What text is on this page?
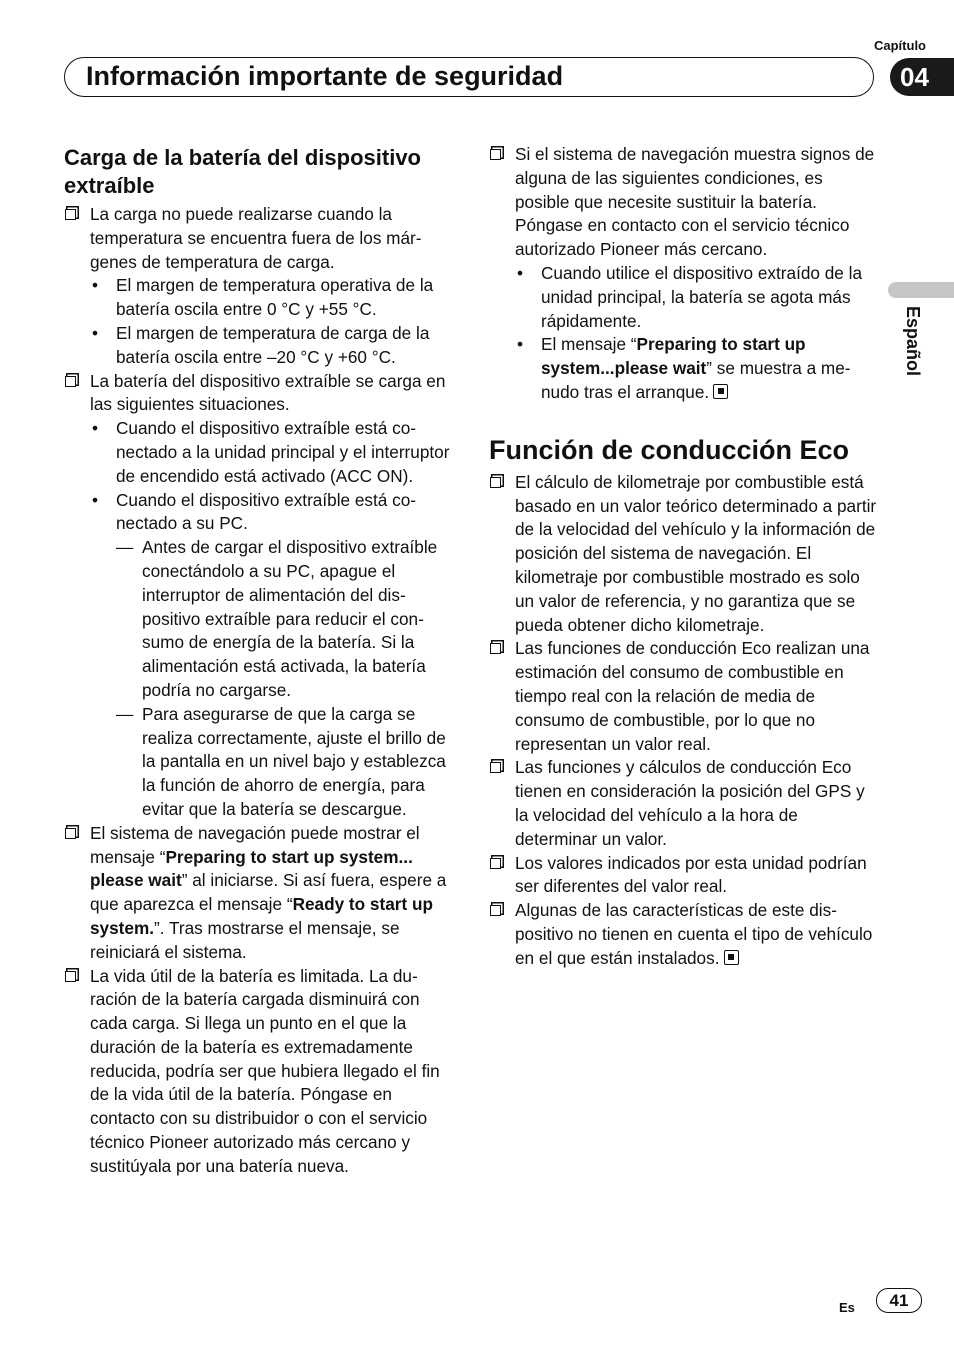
Capítulo
04
Información importante de seguridad
Español
Carga de la batería del dispositivo extraíble
La carga no puede realizarse cuando la temperatura se encuentra fuera de los márgenes de temperatura de carga.
• El margen de temperatura operativa de la batería oscila entre 0 °C y +55 °C.
• El margen de temperatura de carga de la batería oscila entre –20 °C y +60 °C.
La batería del dispositivo extraíble se carga en las siguientes situaciones.
• Cuando el dispositivo extraíble está conectado a la unidad principal y el interruptor de encendido está activado (ACC ON).
• Cuando el dispositivo extraíble está conectado a su PC.
— Antes de cargar el dispositivo extraíble conectándolo a su PC, apague el interruptor de alimentación del dispositivo extraíble para reducir el consumo de energía de la batería. Si la alimentación está activada, la batería podría no cargarse.
— Para asegurarse de que la carga se realiza correctamente, ajuste el brillo de la pantalla en un nivel bajo y establezca la función de ahorro de energía, para evitar que la batería se descargue.
El sistema de navegación puede mostrar el mensaje “Preparing to start up system... please wait” al iniciarse. Si así fuera, espere a que aparezca el mensaje “Ready to start up system.”. Tras mostrarse el mensaje, se reiniciará el sistema.
La vida útil de la batería es limitada. La duración de la batería cargada disminuirá con cada carga. Si llega un punto en el que la duración de la batería es extremadamente reducida, podría ser que hubiera llegado el fin de la vida útil de la batería. Póngase en contacto con su distribuidor o con el servicio técnico Pioneer autorizado más cercano y sustitúyala por una batería nueva.
Si el sistema de navegación muestra signos de alguna de las siguientes condiciones, es posible que necesite sustituir la batería.
Póngase en contacto con el servicio técnico autorizado Pioneer más cercano.
• Cuando utilice el dispositivo extraído de la unidad principal, la batería se agota más rápidamente.
• El mensaje “Preparing to start up system...please wait” se muestra a menudo tras el arranque.
Función de conducción Eco
El cálculo de kilometraje por combustible está basado en un valor teórico determinado a partir de la velocidad del vehículo y la información de posición del sistema de navegación. El kilometraje por combustible mostrado es solo un valor de referencia, y no garantiza que se pueda obtener dicho kilometraje.
Las funciones de conducción Eco realizan una estimación del consumo de combustible en tiempo real con la relación de media de consumo de combustible, por lo que no representan un valor real.
Las funciones y cálculos de conducción Eco tienen en consideración la posición del GPS y la velocidad del vehículo a la hora de determinar un valor.
Los valores indicados por esta unidad podrían ser diferentes del valor real.
Algunas de las características de este dispositivo no tienen en cuenta el tipo de vehículo en el que están instalados.
Es	41
